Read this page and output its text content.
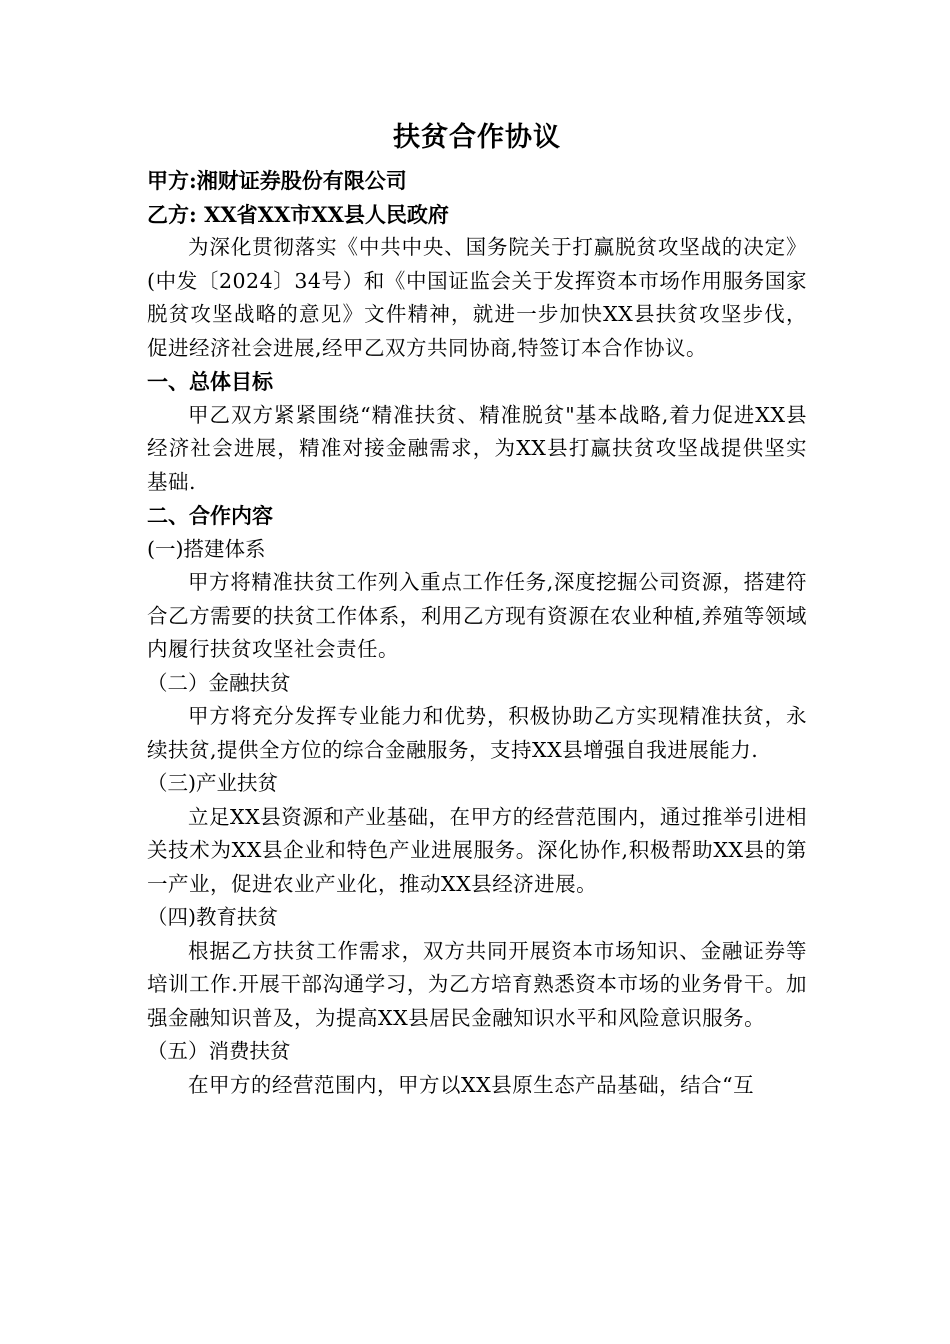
扶贫合作协议

甲方:湘财证券股份有限公司

乙方: XX省XX市XX县人民政府

为深化贯彻落实《中共中央、国务院关于打赢脱贫攻坚战的决定》(中发〔2024〕34号）和《中国证监会关于发挥资本市场作用服务国家脱贫攻坚战略的意见》文件精神，就进一步加快XX县扶贫攻坚步伐，促进经济社会进展,经甲乙双方共同协商,特签订本合作协议。

一、总体目标

甲乙双方紧紧围绕“精准扶贫、精准脱贫"基本战略,着力促进XX县经济社会进展，精准对接金融需求，为XX县打赢扶贫攻坚战提供坚实基础.

二、合作内容

(一)搭建体系

甲方将精准扶贫工作列入重点工作任务,深度挖掘公司资源，搭建符合乙方需要的扶贫工作体系，利用乙方现有资源在农业种植,养殖等领域内履行扶贫攻坚社会责任。

（二）金融扶贫

甲方将充分发挥专业能力和优势，积极协助乙方实现精准扶贫，永续扶贫,提供全方位的综合金融服务，支持XX县增强自我进展能力.

（三)产业扶贫

立足XX县资源和产业基础，在甲方的经营范围内，通过推举引进相关技术为XX县企业和特色产业进展服务。深化协作,积极帮助XX县的第一产业，促进农业产业化，推动XX县经济进展。

（四)教育扶贫

根据乙方扶贫工作需求，双方共同开展资本市场知识、金融证券等培训工作.开展干部沟通学习，为乙方培育熟悉资本市场的业务骨干。加强金融知识普及，为提高XX县居民金融知识水平和风险意识服务。

（五）消费扶贫

在甲方的经营范围内，甲方以XX县原生态产品基础，结合“互
